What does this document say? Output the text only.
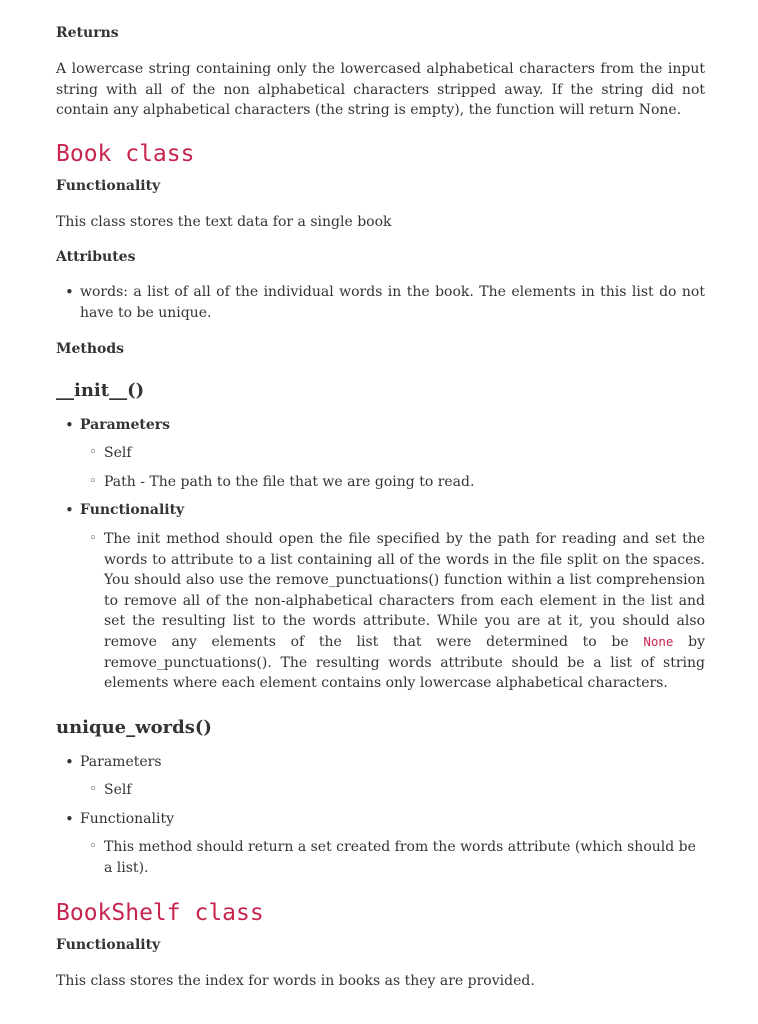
Returns

A lowercase string containing only the lowercased alphabetical characters from the input string with all of the non alphabetical characters stripped away. If the string did not contain any alphabetical characters (the string is empty), the function will return None.

Book class
Functionality

This class stores the text data for a single book

Attributes
• words: a list of all of the individual words in the book. The elements in this list do not have to be unique.
Methods
__init__()
• Parameters
◦ Self
◦ Path - The path to the file that we are going to read.
• Functionality
◦ The init method should open the file specified by the path for reading and set the words to attribute to a list containing all of the words in the file split on the spaces. You should also use the remove_punctuations() function within a list comprehension to remove all of the non-alphabetical characters from each element in the list and set the resulting list to the words attribute. While you are at it, you should also remove any elements of the list that were determined to be None by remove_punctuations(). The resulting words attribute should be a list of string elements where each element contains only lowercase alphabetical characters.
unique_words()
• Parameters
◦ Self
• Functionality
◦ This method should return a set created from the words attribute (which should be a list).
BookShelf class
Functionality

This class stores the index for words in books as they are provided.
